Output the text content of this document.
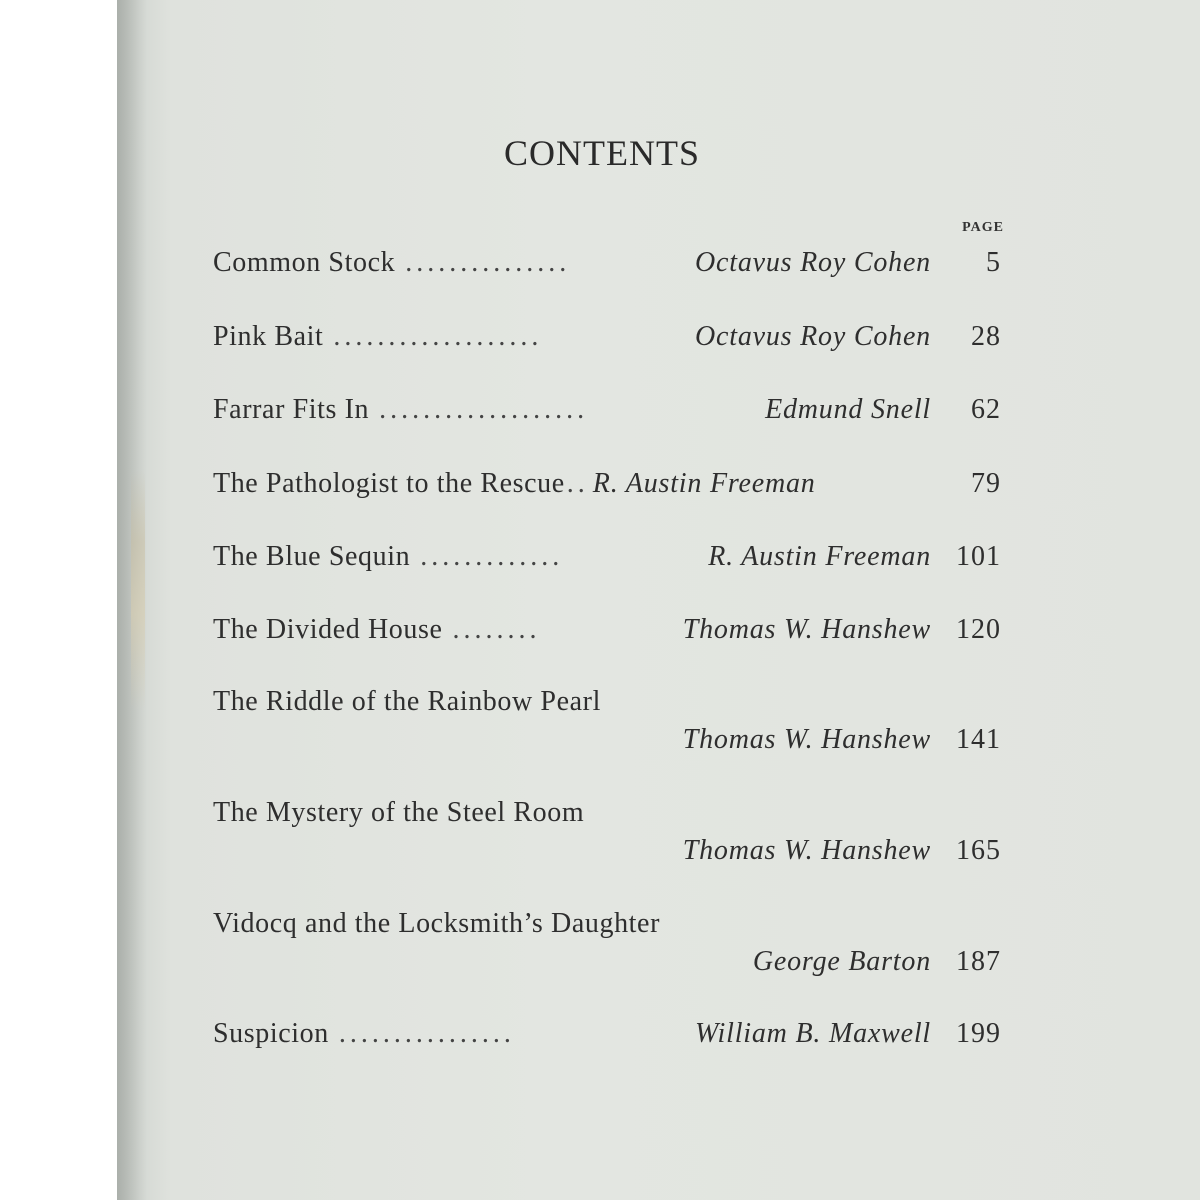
CONTENTS
PAGE
Common Stock ...............	Octavus Roy Cohen	5
Pink Bait ...................	Octavus Roy Cohen	28
Farrar Fits In ...................	Edmund Snell	62
The Pathologist to the Rescue .. R. Austin Freeman	79
The Blue Sequin .............	R. Austin Freeman 101
The Divided House ........	Thomas W. Hanshew 120
The Riddle of the Rainbow Pearl
Thomas W. Hanshew 141
The Mystery of the Steel Room
Thomas W. Hanshew 165
Vidocq and the Locksmith’s Daughter
George Barton 187
Suspicion ................	William B. Maxwell 199
